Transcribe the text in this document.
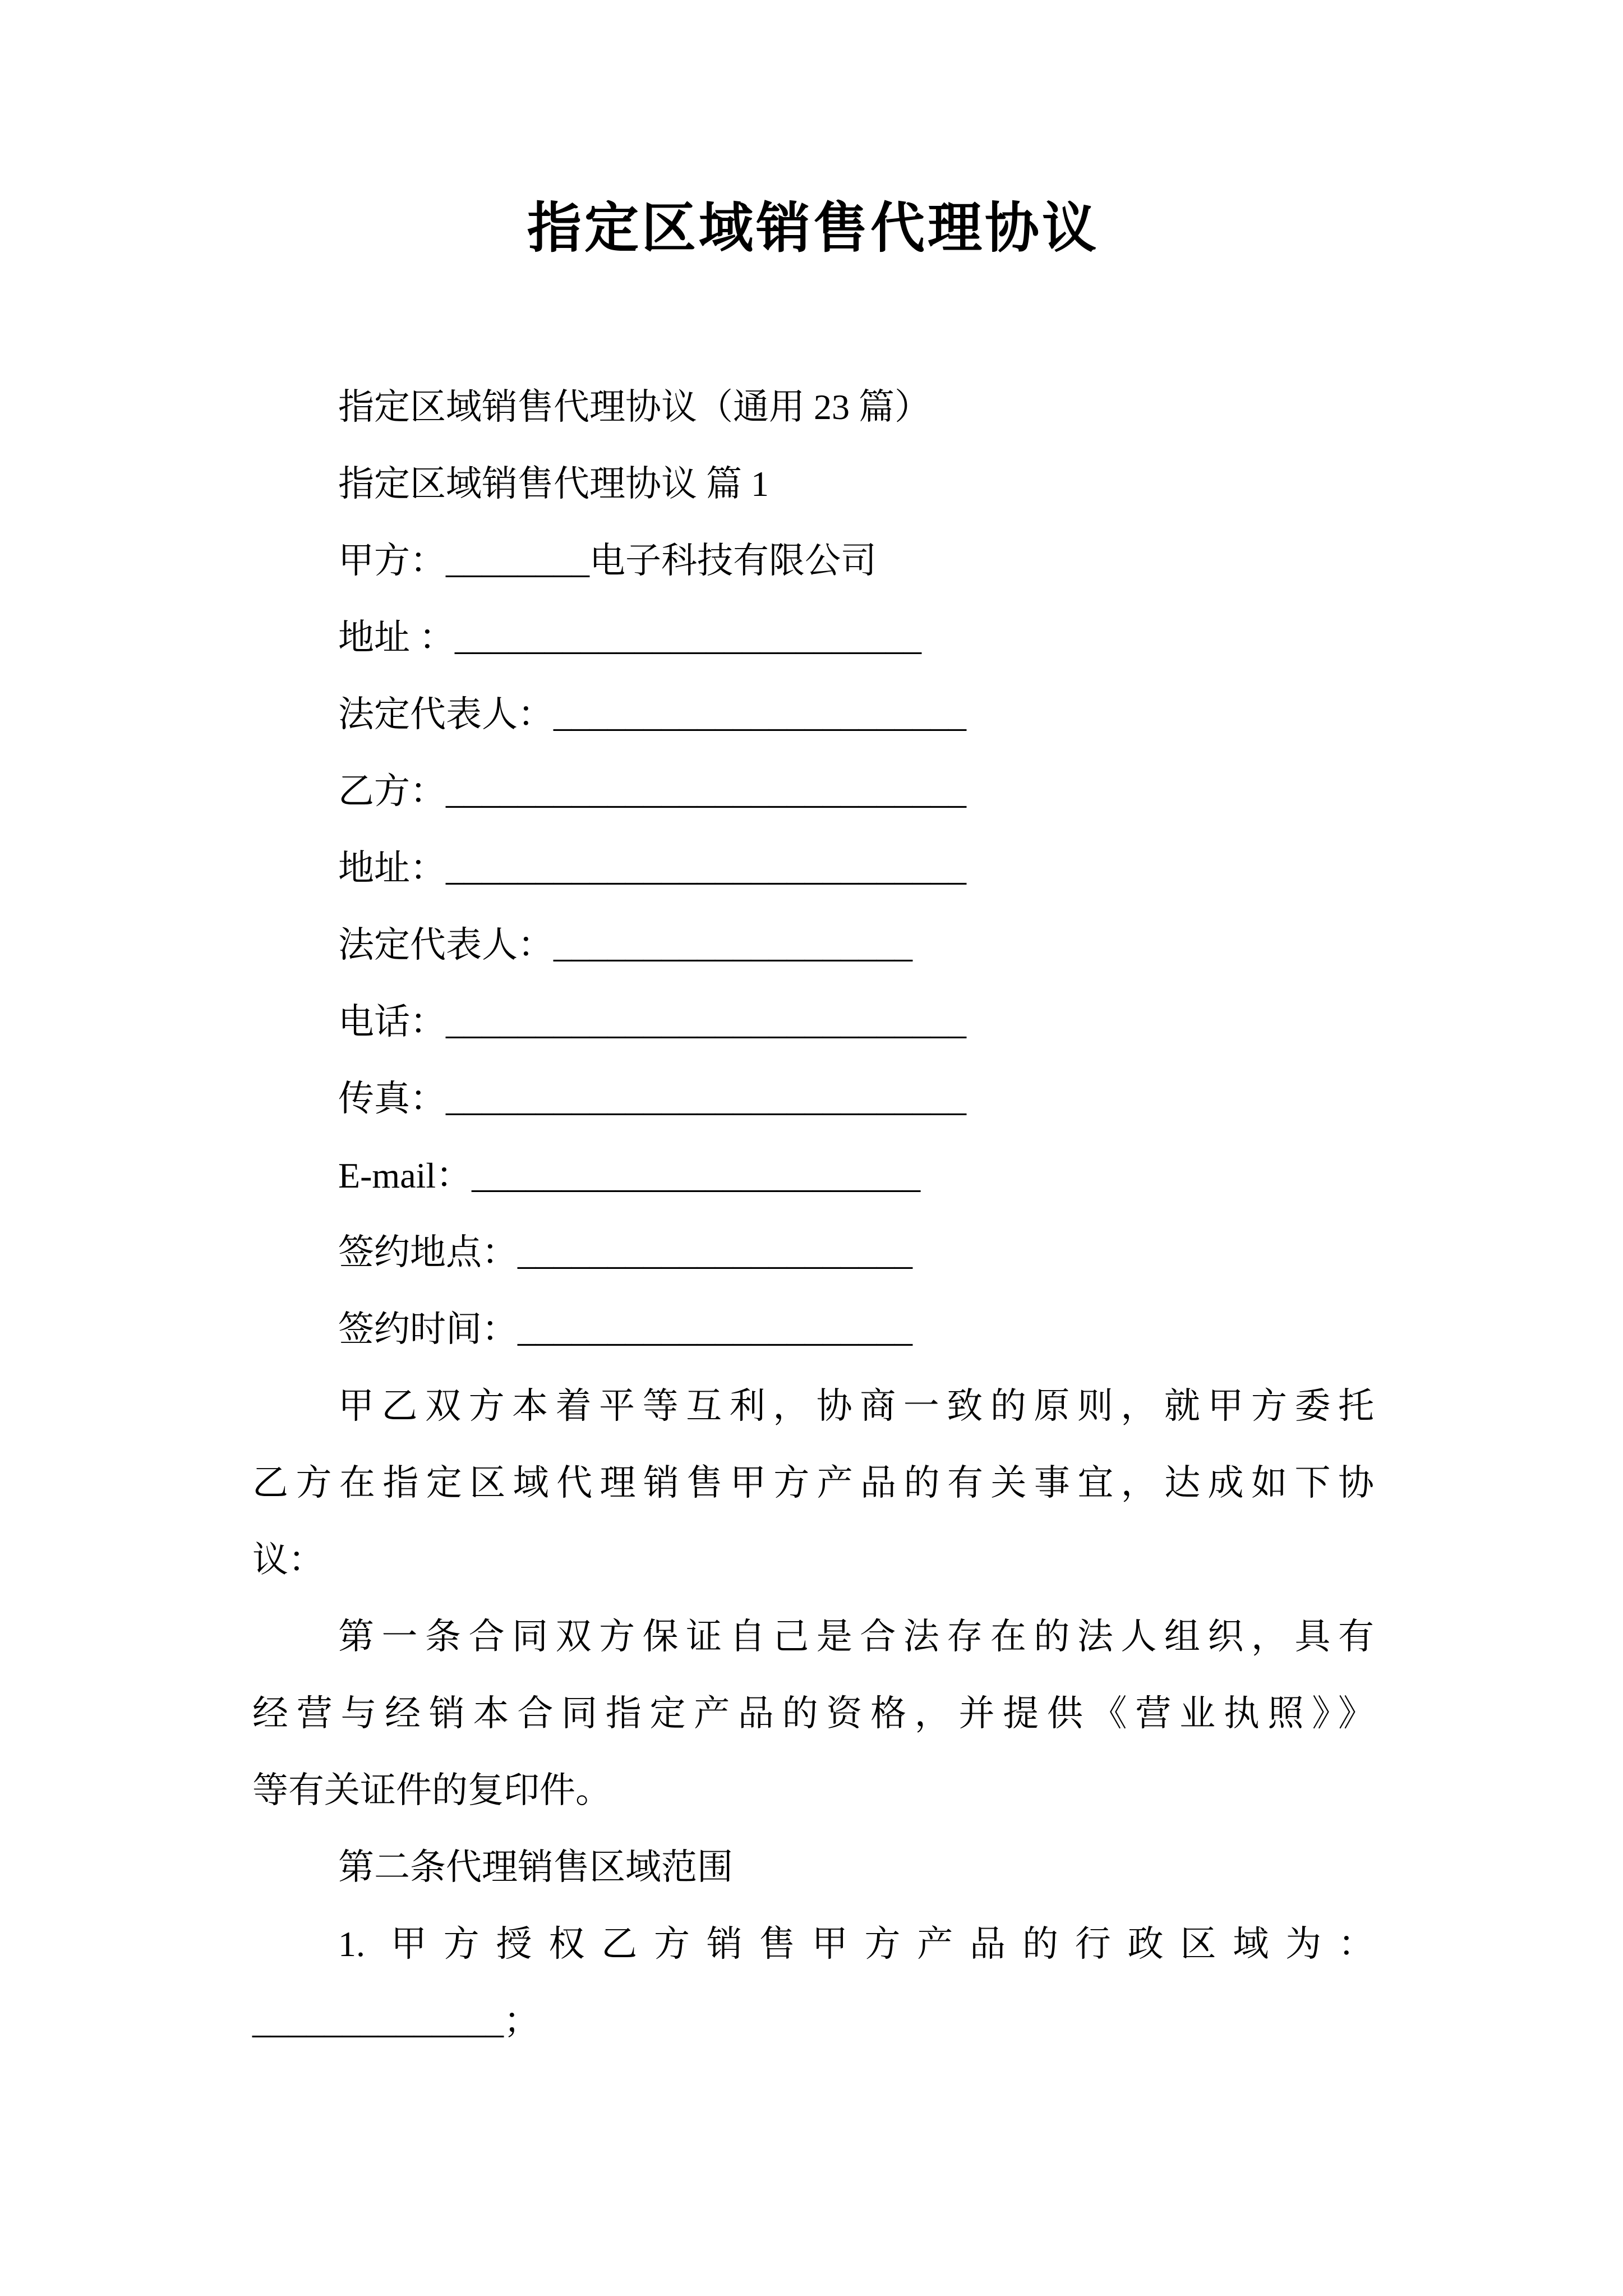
指定区域销售代理协议
指定区域销售代理协议（通用 23 篇）
指定区域销售代理协议 篇 1
甲方：________电子科技有限公司
地址 ：__________________________
法定代表人：_______________________
乙方：_____________________________
地址：_____________________________
法定代表人：____________________
电话：_____________________________
传真：_____________________________
E-mail：_________________________
签约地点：______________________
签约时间：______________________
甲乙双方本着平等互利，协商一致的原则，就甲方委托
乙方在指定区域代理销售甲方产品的有关事宜，达成如下协
议：
第一条合同双方保证自己是合法存在的法人组织，具有
经营与经销本合同指定产品的资格，并提供《营业执照》》
等有关证件的复印件。
第二条代理销售区域范围
1. 甲方授权乙方销售甲方产品的行政区域为：
______________；
